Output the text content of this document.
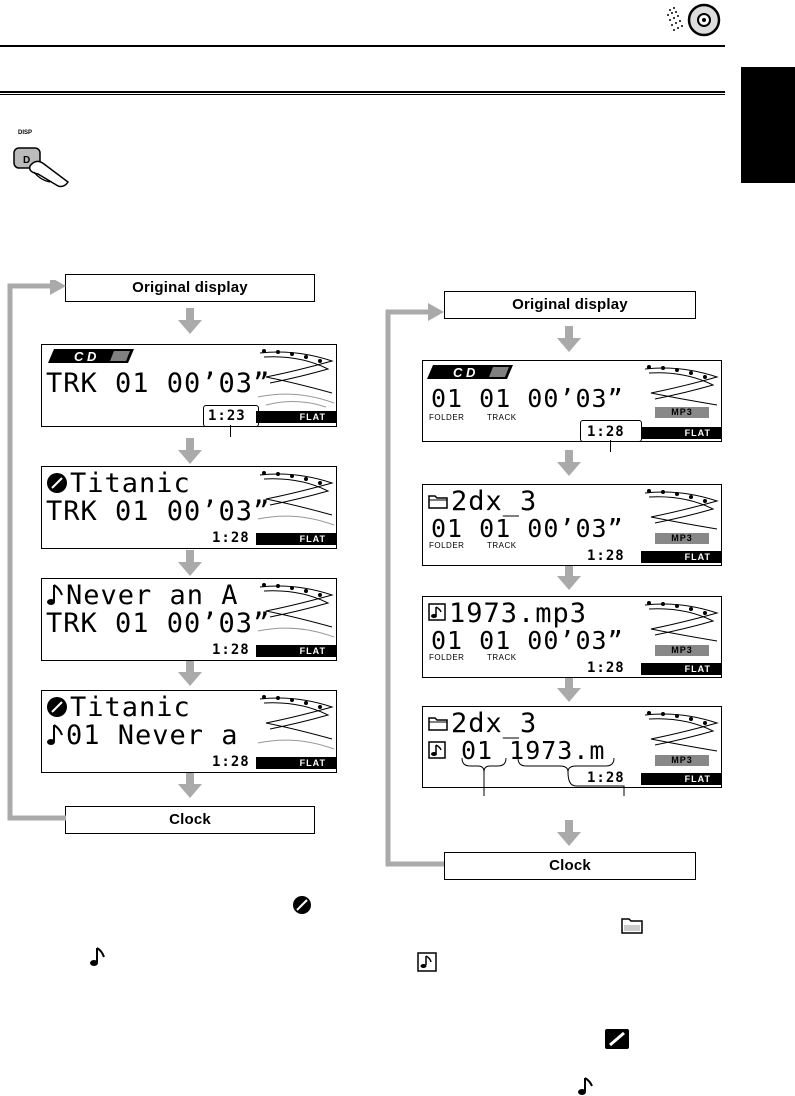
DISP
D
Original display
Clock
C D
TRK 01 00’03”
1:23	FLAT
Titanic
TRK 01 00’03”
1:28	FLAT
Never an A
TRK 01 00’03”
1:28	FLAT
Titanic
01 Never a
1:28	FLAT
Original display
Clock
C D
01 01 00’03”
FOLDER	TRACK
MP3
1:28	FLAT
2dx_3
01 01 00’03”
FOLDER	TRACK
1:28	FLAT
MP3
1973.mp3
01 01 00’03”
FOLDER	TRACK
1:28	FLAT
MP3
2dx_3
01 1973.m
1:28	FLAT
MP3
